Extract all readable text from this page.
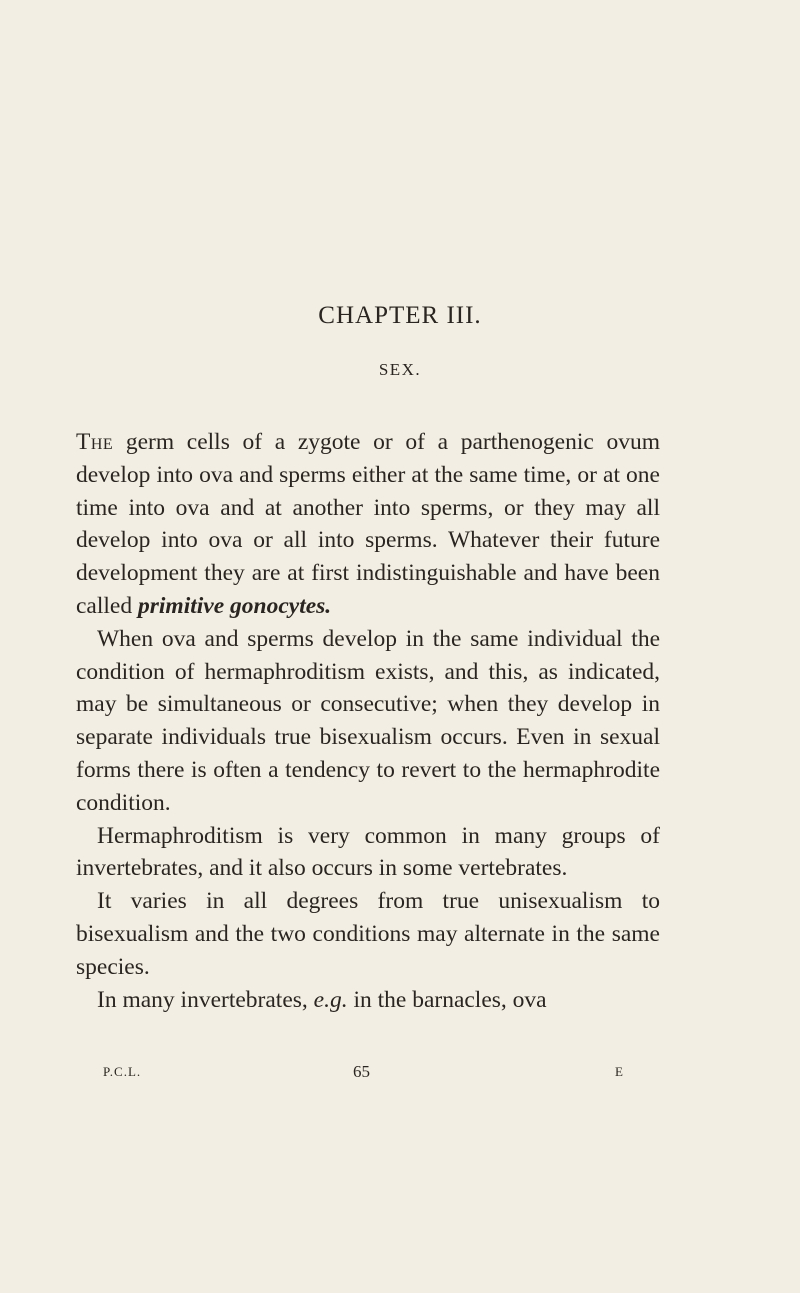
CHAPTER III.
SEX.

The germ cells of a zygote or of a parthenogenic ovum develop into ova and sperms either at the same time, or at one time into ova and at another into sperms, or they may all develop into ova or all into sperms. Whatever their future development they are at first indistinguishable and have been called primitive gonocytes.

When ova and sperms develop in the same individual the condition of hermaphroditism exists, and this, as indicated, may be simultaneous or consecutive; when they develop in separate individuals true bisexualism occurs. Even in sexual forms there is often a tendency to revert to the hermaphrodite condition.

Hermaphroditism is very common in many groups of invertebrates, and it also occurs in some vertebrates.

It varies in all degrees from true unisexualism to bisexualism and the two conditions may alternate in the same species.

In many invertebrates, e.g. in the barnacles, ova

P.C.L.	65	E
